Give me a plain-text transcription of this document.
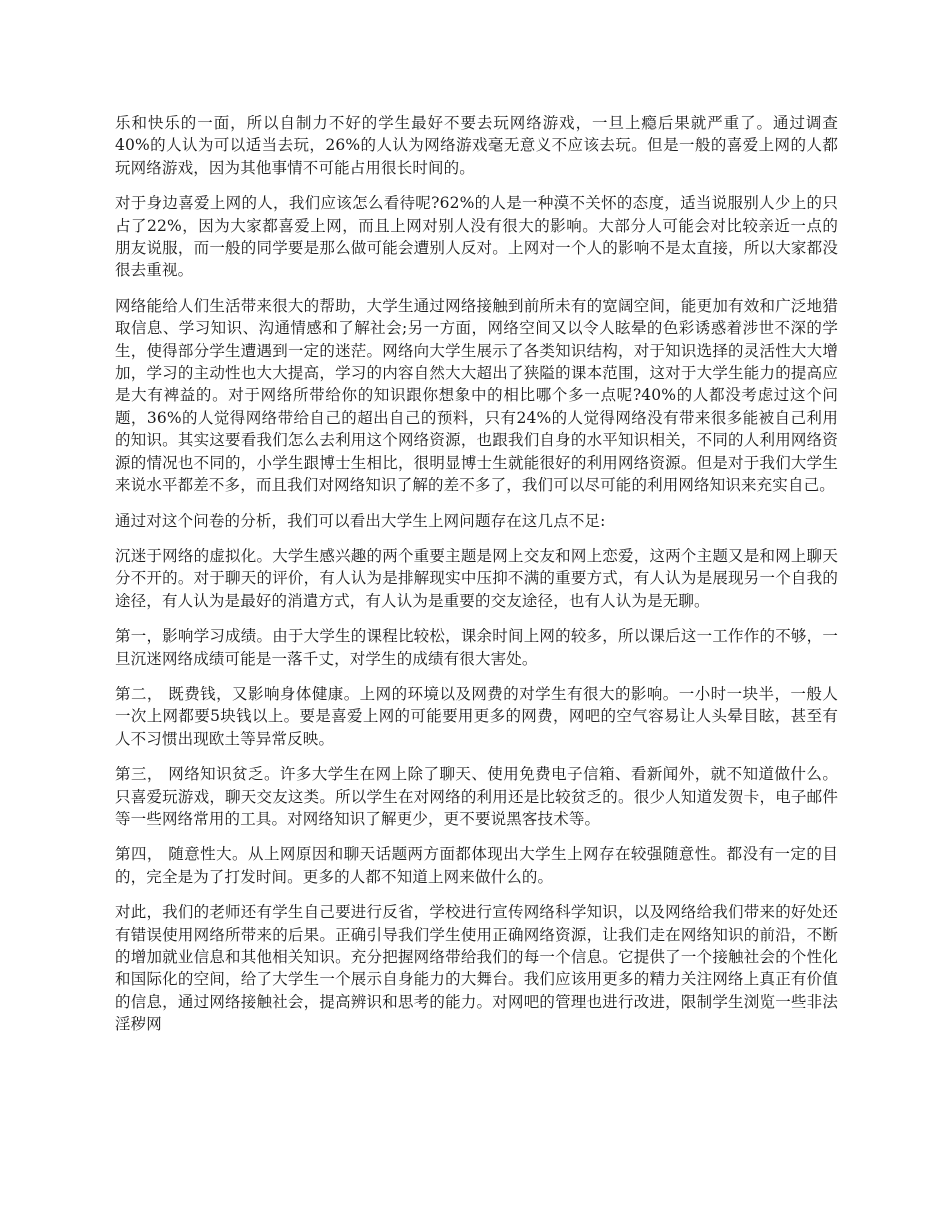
乐和快乐的一面，所以自制力不好的学生最好不要去玩网络游戏，一旦上瘾后果就严重了。通过调查40%的人认为可以适当去玩，26%的人认为网络游戏毫无意义不应该去玩。但是一般的喜爱上网的人都玩网络游戏，因为其他事情不可能占用很长时间的。

对于身边喜爱上网的人，我们应该怎么看待呢?62%的人是一种漠不关怀的态度，适当说服别人少上的只占了22%，因为大家都喜爱上网，而且上网对别人没有很大的影响。大部分人可能会对比较亲近一点的朋友说服，而一般的同学要是那么做可能会遭别人反对。上网对一个人的影响不是太直接，所以大家都没很去重视。

网络能给人们生活带来很大的帮助，大学生通过网络接触到前所未有的宽阔空间，能更加有效和广泛地猎取信息、学习知识、沟通情感和了解社会;另一方面，网络空间又以令人眩晕的色彩诱惑着涉世不深的学生，使得部分学生遭遇到一定的迷茫。网络向大学生展示了各类知识结构，对于知识选择的灵活性大大增加，学习的主动性也大大提高，学习的内容自然大大超出了狭隘的课本范围，这对于大学生能力的提高应是大有裨益的。对于网络所带给你的知识跟你想象中的相比哪个多一点呢?40%的人都没考虑过这个问题，36%的人觉得网络带给自己的超出自己的预料，只有24%的人觉得网络没有带来很多能被自己利用的知识。其实这要看我们怎么去利用这个网络资源，也跟我们自身的水平知识相关，不同的人利用网络资源的情况也不同的，小学生跟博士生相比，很明显博士生就能很好的利用网络资源。但是对于我们大学生来说水平都差不多，而且我们对网络知识了解的差不多了，我们可以尽可能的利用网络知识来充实自己。

通过对这个问卷的分析，我们可以看出大学生上网问题存在这几点不足:

沉迷于网络的虚拟化。大学生感兴趣的两个重要主题是网上交友和网上恋爱，这两个主题又是和网上聊天分不开的。对于聊天的评价，有人认为是排解现实中压抑不满的重要方式，有人认为是展现另一个自我的途径，有人认为是最好的消遣方式，有人认为是重要的交友途径，也有人认为是无聊。

第一，影响学习成绩。由于大学生的课程比较松，课余时间上网的较多，所以课后这一工作作的不够，一旦沉迷网络成绩可能是一落千丈，对学生的成绩有很大害处。

第二， 既费钱，又影响身体健康。上网的环境以及网费的对学生有很大的影响。一小时一块半，一般人一次上网都要5块钱以上。要是喜爱上网的可能要用更多的网费，网吧的空气容易让人头晕目眩，甚至有人不习惯出现欧土等异常反映。

第三， 网络知识贫乏。许多大学生在网上除了聊天、使用免费电子信箱、看新闻外，就不知道做什么。只喜爱玩游戏，聊天交友这类。所以学生在对网络的利用还是比较贫乏的。很少人知道发贺卡，电子邮件等一些网络常用的工具。对网络知识了解更少，更不要说黑客技术等。

第四， 随意性大。从上网原因和聊天话题两方面都体现出大学生上网存在较强随意性。都没有一定的目的，完全是为了打发时间。更多的人都不知道上网来做什么的。

对此，我们的老师还有学生自己要进行反省，学校进行宣传网络科学知识，以及网络给我们带来的好处还有错误使用网络所带来的后果。正确引导我们学生使用正确网络资源，让我们走在网络知识的前沿，不断的增加就业信息和其他相关知识。充分把握网络带给我们的每一个信息。它提供了一个接触社会的个性化和国际化的空间，给了大学生一个展示自身能力的大舞台。我们应该用更多的精力关注网络上真正有价值的信息，通过网络接触社会，提高辨识和思考的能力。对网吧的管理也进行改进，限制学生浏览一些非法淫秽网
